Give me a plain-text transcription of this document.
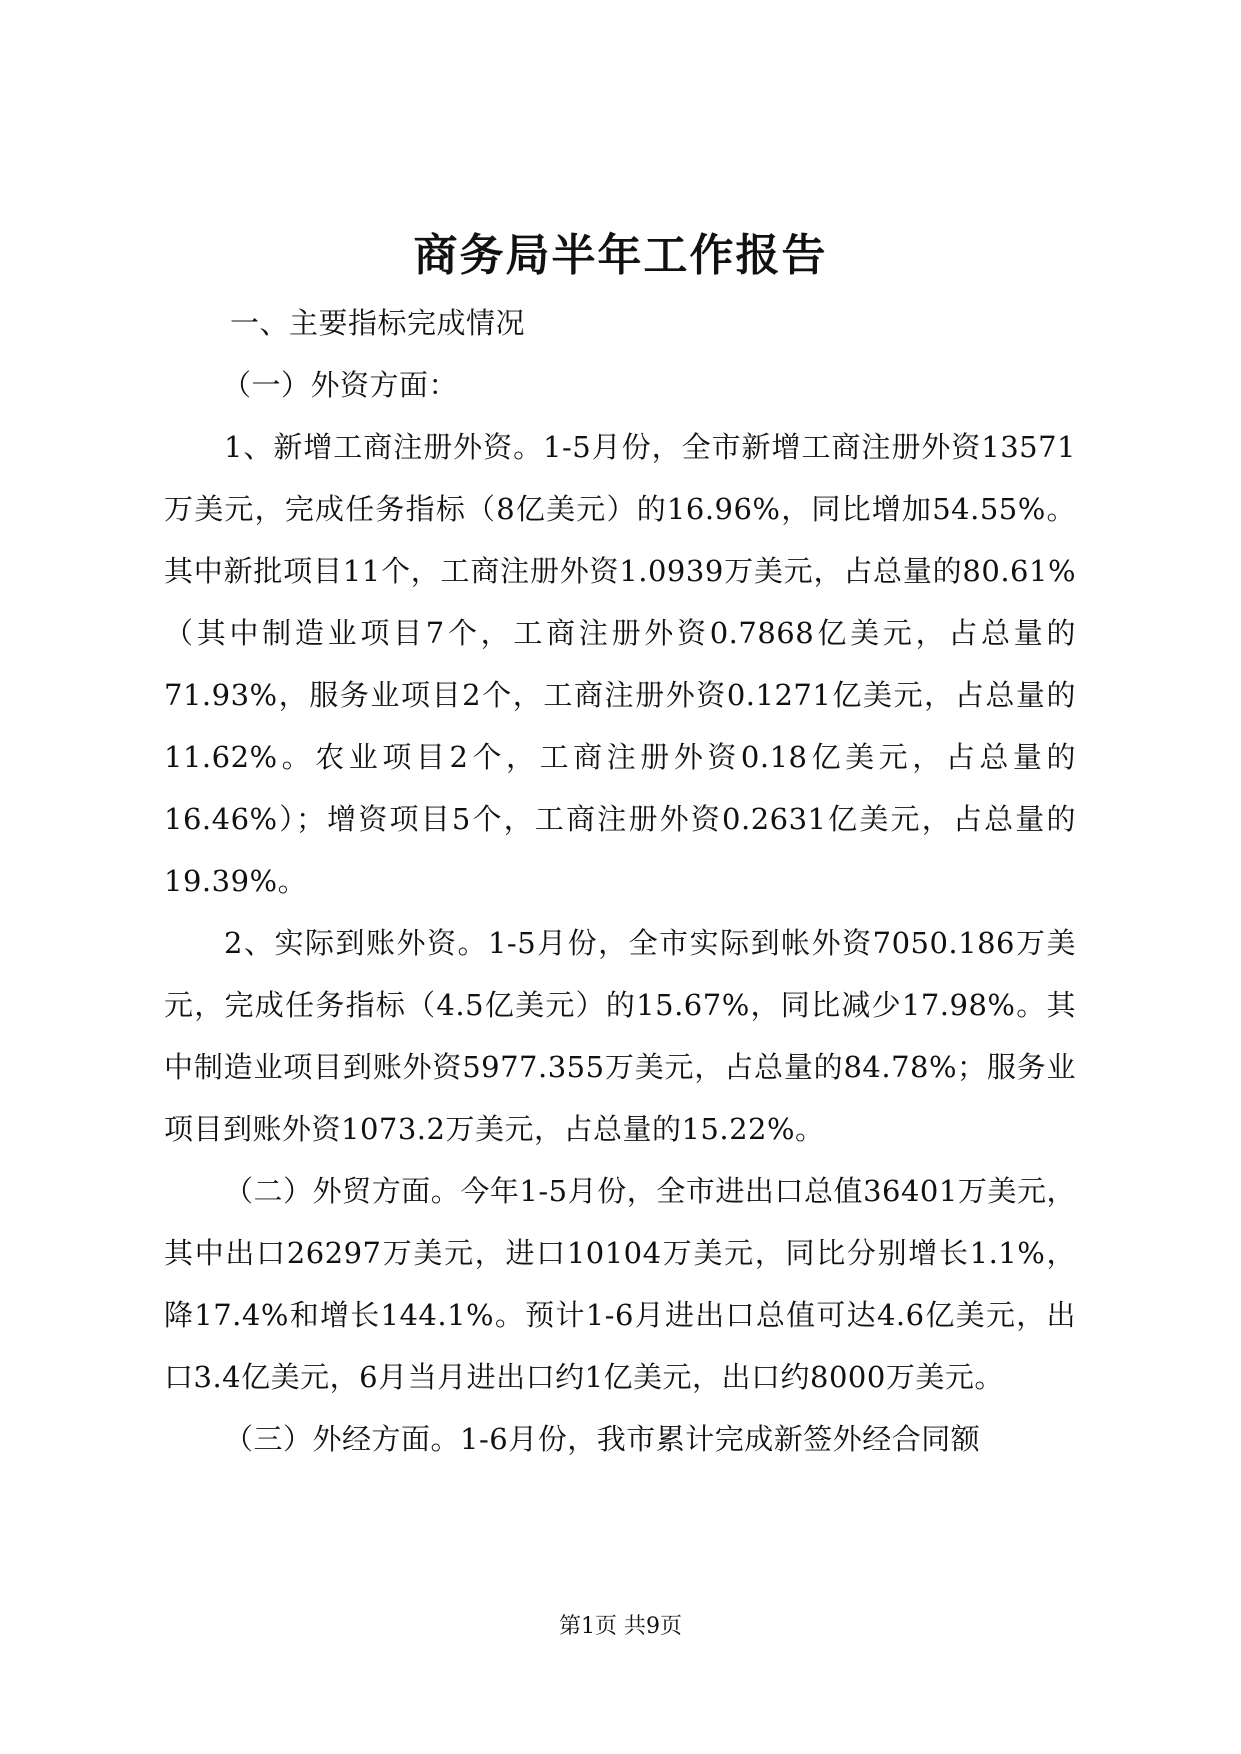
商务局半年工作报告

一、主要指标完成情况

（一）外资方面：

1、新增工商注册外资。1-5月份，全市新增工商注册外资13571万美元，完成任务指标（8亿美元）的16.96%，同比增加54.55%。其中新批项目11个，工商注册外资1.0939万美元，占总量的80.61%（其中制造业项目7个，工商注册外资0.7868亿美元，占总量的71.93%，服务业项目2个，工商注册外资0.1271亿美元，占总量的11.62%。农业项目2个，工商注册外资0.18亿美元，占总量的16.46%）；增资项目5个，工商注册外资0.2631亿美元，占总量的19.39%。

2、实际到账外资。1-5月份，全市实际到帐外资7050.186万美元，完成任务指标（4.5亿美元）的15.67%，同比减少17.98%。其中制造业项目到账外资5977.355万美元，占总量的84.78%；服务业项目到账外资1073.2万美元，占总量的15.22%。

（二）外贸方面。今年1-5月份，全市进出口总值36401万美元，其中出口26297万美元，进口10104万美元，同比分别增长1.1%，降17.4%和增长144.1%。预计1-6月进出口总值可达4.6亿美元，出口3.4亿美元，6月当月进出口约1亿美元，出口约8000万美元。

（三）外经方面。1-6月份，我市累计完成新签外经合同额

第1页 共9页
